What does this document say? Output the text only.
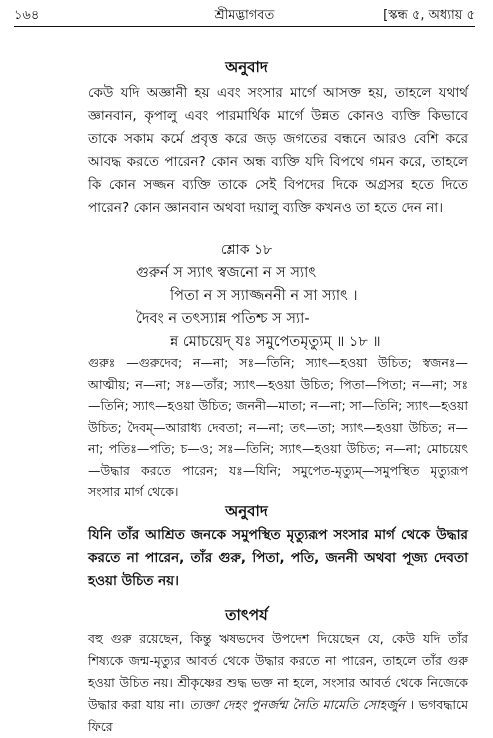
১৬৪	শ্রীমদ্ভাগবত	[স্কন্ধ ৫, অধ্যায় ৫
অনুবাদ
কেউ যদি অজ্ঞানী হয় এবং সংসার মার্গে আসক্ত হয়, তাহলে যথার্থ জ্ঞানবান, কৃপালু এবং পারমার্থিক মার্গে উন্নত কোনও ব্যক্তি কিভাবে তাকে সকাম কর্মে প্রবৃত্ত করে জড় জগতের বন্ধনে আরও বেশি করে আবদ্ধ করতে পারেন? কোন অন্ধ ব্যক্তি যদি বিপথে গমন করে, তাহলে কি কোন সজ্জন ব্যক্তি তাকে সেই বিপদের দিকে অগ্রসর হতে দিতে পারেন? কোন জ্ঞানবান অথবা দয়ালু ব্যক্তি কখনও তা হতে দেন না।
শ্লোক ১৮
গুরুর্ন স স্যাৎ স্বজনো ন স স্যাৎ
পিতা ন স স্যাজ্জননী ন সা স্যাৎ ।
দৈবং ন তৎস্যান্ন পতিশ্চ স স্যা-
ন্ন মোচয়েদ্ যঃ সমুপেতমৃত্যুম্ ॥ ১৮ ॥
গুরুঃ —গুরুদেব; ন—না; সঃ—তিনি; স্যাৎ—হওয়া উচিত; স্বজনঃ—আত্মীয়; ন—না; সঃ—তাঁর; স্যাৎ—হওয়া উচিত; পিতা—পিতা; ন—না; সঃ—তিনি; স্যাৎ—হওয়া উচিত; জননী—মাতা; ন—না; সা—তিনি; স্যাৎ—হওয়া উচিত; দৈবম্—আরাধ্য দেবতা; ন—না; তৎ—তা; স্যাৎ—হওয়া উচিত; ন—না; পতিঃ—পতি; চ—ও; সঃ—তিনি; স্যাৎ—হওয়া উচিত; ন—না; মোচয়েৎ—উদ্ধার করতে পারেন; যঃ—যিনি; সমুপেত-মৃত্যুম্—সমুপস্থিত মৃত্যুরূপ সংসার মার্গ থেকে।
অনুবাদ
যিনি তাঁর আশ্রিত জনকে সমুপস্থিত মৃত্যুরূপ সংসার মার্গ থেকে উদ্ধার করতে না পারেন, তাঁর গুরু, পিতা, পতি, জননী অথবা পূজ্য দেবতা হওয়া উচিত নয়।
তাৎপর্য
বহু গুরু রয়েছেন, কিন্তু ঋষভদেব উপদেশ দিয়েছেন যে, কেউ যদি তাঁর শিষ্যকে জন্ম-মৃত্যুর আবর্ত থেকে উদ্ধার করতে না পারেন, তাহলে তাঁর গুরু হওয়া উচিত নয়। শ্রীকৃষ্ণের শুদ্ধ ভক্ত না হলে, সংসার আবর্ত থেকে নিজেকে উদ্ধার করা যায় না। ত্যক্তা দেহং পুনর্জন্ম নৈতি মামেতি সোহর্জুন । ভগবদ্ধামে ফিরে
